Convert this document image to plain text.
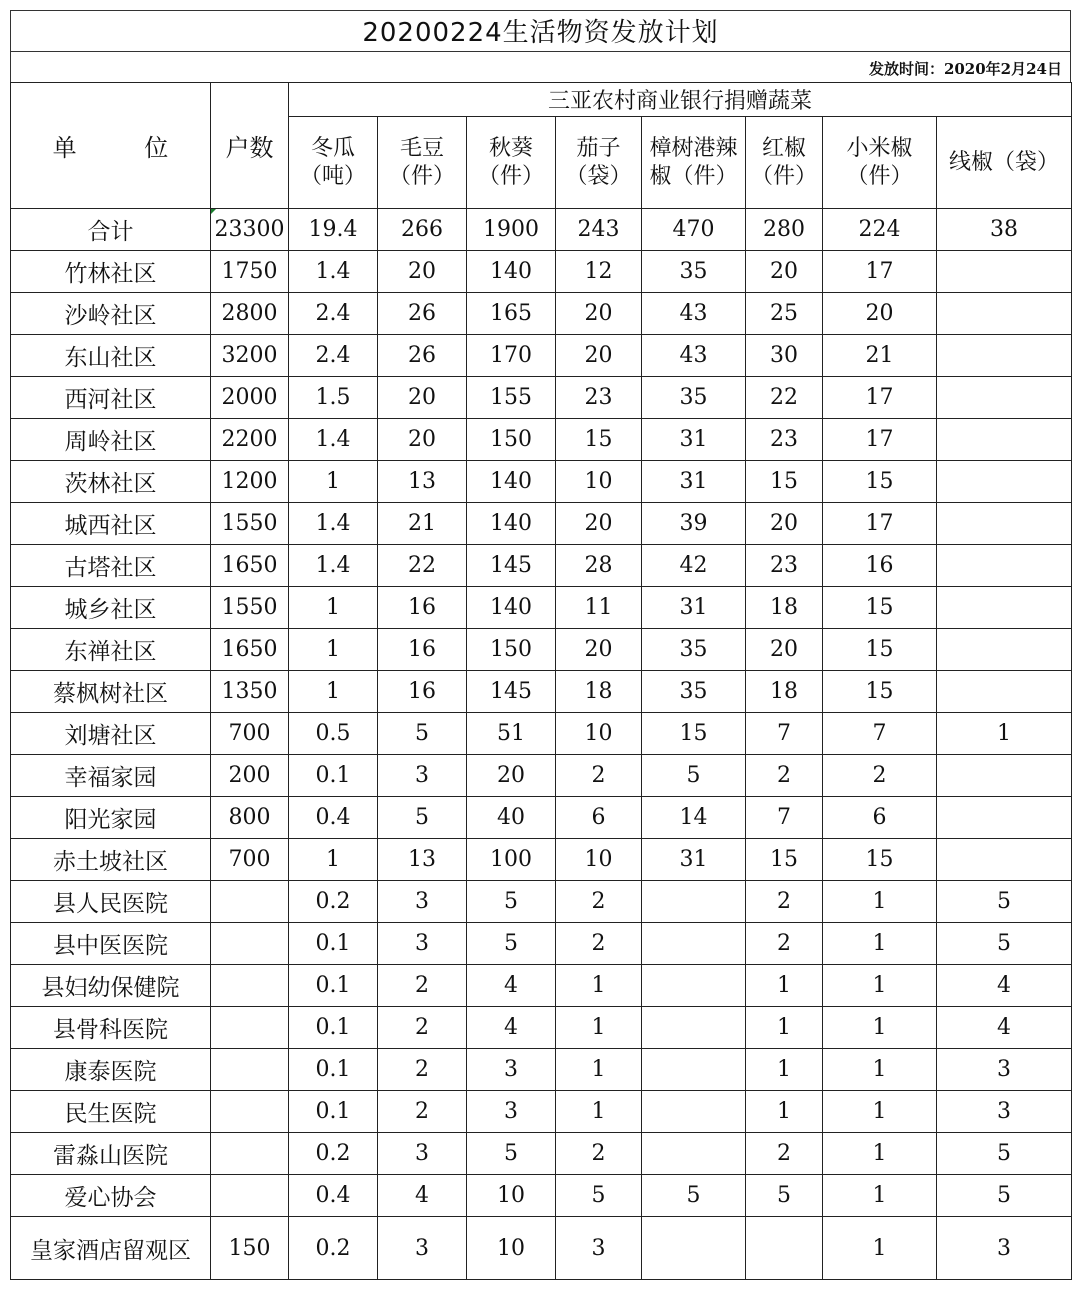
20200224生活物资发放计划
发放时间：2020年2月24日
单 位	户数	三亚农村商业银行捐赠蔬菜							
		冬瓜（吨）	毛豆（件）	秋葵（件）	茄子（袋）	樟树港辣椒（件）	红椒（件）	小米椒（件）	线椒（袋）
合计	23300	19.4	266	1900	243	470	280	224	38
竹林社区	1750	1.4	20	140	12	35	20	17	
沙岭社区	2800	2.4	26	165	20	43	25	20	
东山社区	3200	2.4	26	170	20	43	30	21	
西河社区	2000	1.5	20	155	23	35	22	17	
周岭社区	2200	1.4	20	150	15	31	23	17	
茨林社区	1200	1	13	140	10	31	15	15	
城西社区	1550	1.4	21	140	20	39	20	17	
古塔社区	1650	1.4	22	145	28	42	23	16	
城乡社区	1550	1	16	140	11	31	18	15	
东禅社区	1650	1	16	150	20	35	20	15	
蔡枫树社区	1350	1	16	145	18	35	18	15	
刘塘社区	700	0.5	5	51	10	15	7	7	1
幸福家园	200	0.1	3	20	2	5	2	2	
阳光家园	800	0.4	5	40	6	14	7	6	
赤土坡社区	700	1	13	100	10	31	15	15	
县人民医院		0.2	3	5	2		2	1	5
县中医医院		0.1	3	5	2		2	1	5
县妇幼保健院		0.1	2	4	1		1	1	4
县骨科医院		0.1	2	4	1		1	1	4
康泰医院		0.1	2	3	1		1	1	3
民生医院		0.1	2	3	1		1	1	3
雷淼山医院		0.2	3	5	2		2	1	5
爱心协会		0.4	4	10	5	5	5	1	5
皇家酒店留观区	150	0.2	3	10	3			1	3
